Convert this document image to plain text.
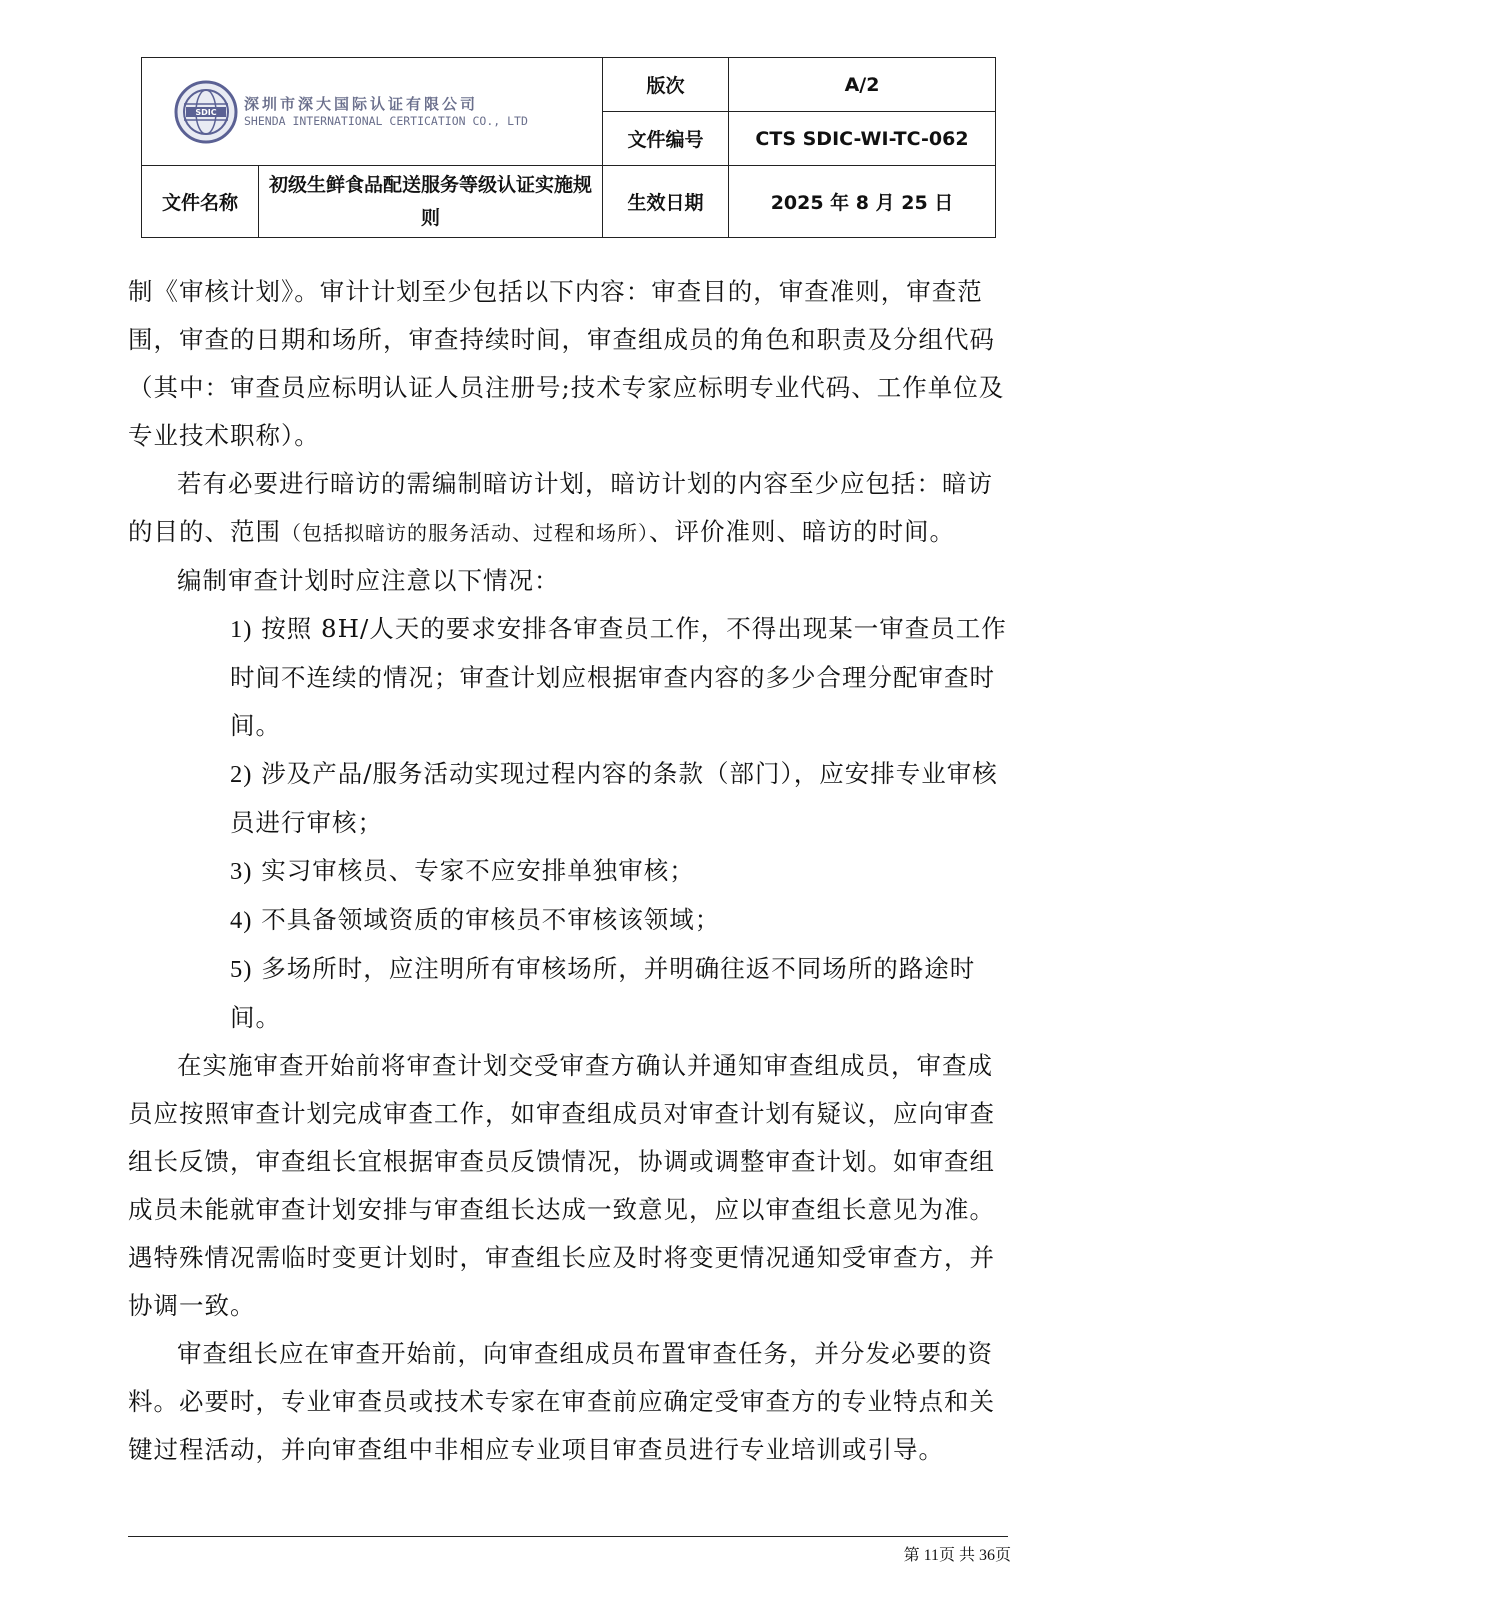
SDIC 深圳市深大国际认证有限公司
SHENDA INTERNATIONAL CERTICATION CO., LTD		版次	A/2
		文件编号	CTS SDIC-WI-TC-062
文件名称	初级生鲜食品配送服务等级认证实施规则	生效日期	2025 年 8 月 25 日

制《审核计划》。审计计划至少包括以下内容：审查目的，审查准则，审查范围，审查的日期和场所，审查持续时间，审查组成员的角色和职责及分组代码（其中：审查员应标明认证人员注册号;技术专家应标明专业代码、工作单位及专业技术职称）。

若有必要进行暗访的需编制暗访计划，暗访计划的内容至少应包括：暗访的目的、范围（包括拟暗访的服务活动、过程和场所）、评价准则、暗访的时间。

编制审查计划时应注意以下情况：

1) 按照 8H/人天的要求安排各审查员工作，不得出现某一审查员工作时间不连续的情况；审查计划应根据审查内容的多少合理分配审查时间。

2) 涉及产品/服务活动实现过程内容的条款（部门），应安排专业审核员进行审核；

3) 实习审核员、专家不应安排单独审核；

4) 不具备领域资质的审核员不审核该领域；

5) 多场所时，应注明所有审核场所，并明确往返不同场所的路途时间。

在实施审查开始前将审查计划交受审查方确认并通知审查组成员，审查成员应按照审查计划完成审查工作，如审查组成员对审查计划有疑议，应向审查组长反馈，审查组长宜根据审查员反馈情况，协调或调整审查计划。如审查组成员未能就审查计划安排与审查组长达成一致意见，应以审查组长意见为准。遇特殊情况需临时变更计划时，审查组长应及时将变更情况通知受审查方，并协调一致。

审查组长应在审查开始前，向审查组成员布置审查任务，并分发必要的资料。必要时，专业审查员或技术专家在审查前应确定受审查方的专业特点和关键过程活动，并向审查组中非相应专业项目审查员进行专业培训或引导。

第 11页 共 36页
